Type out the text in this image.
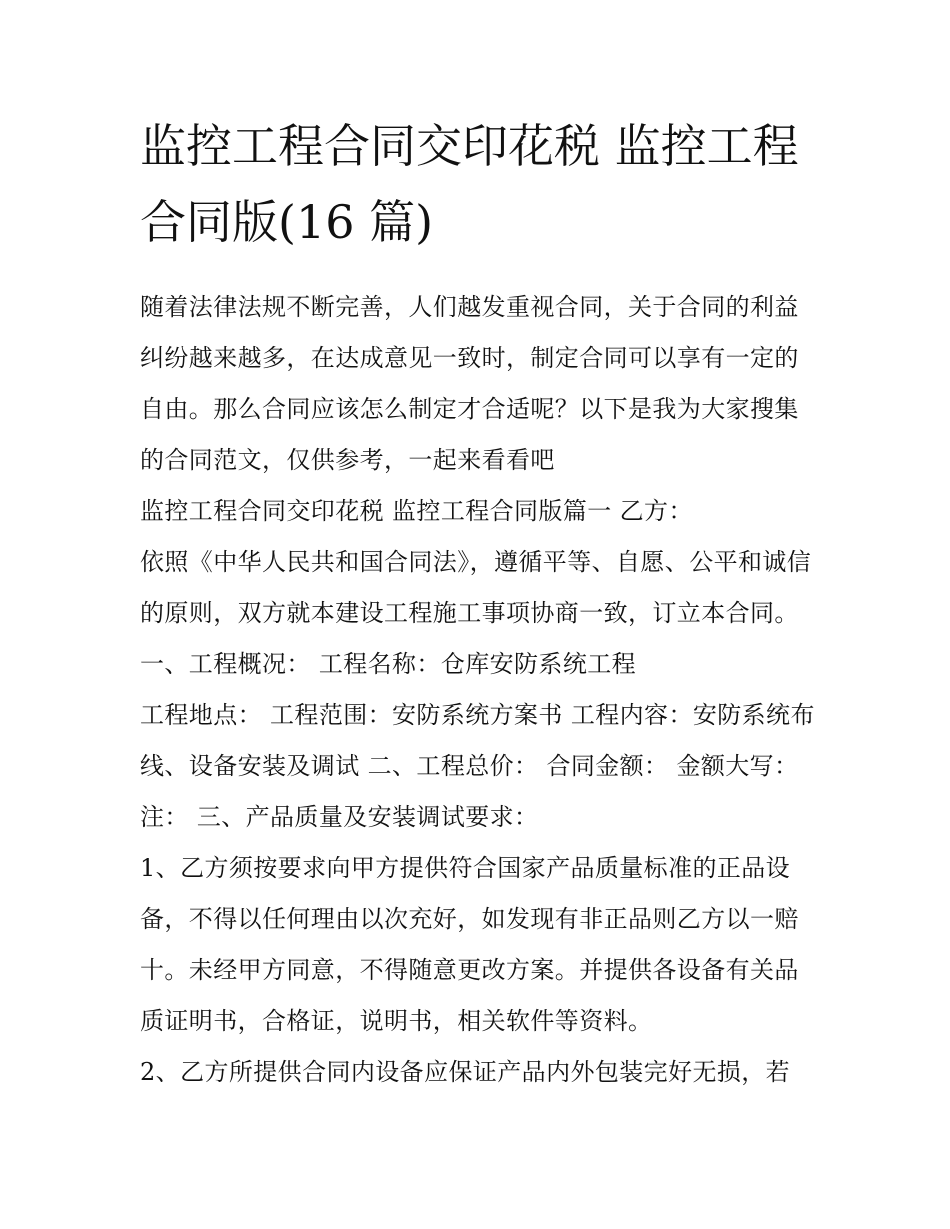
监控工程合同交印花税 监控工程合同版(16 篇)

随着法律法规不断完善，人们越发重视合同，关于合同的利益纠纷越来越多，在达成意见一致时，制定合同可以享有一定的自由。那么合同应该怎么制定才合适呢？以下是我为大家搜集的合同范文，仅供参考，一起来看看吧

监控工程合同交印花税 监控工程合同版篇一 乙方：

依照《中华人民共和国合同法》，遵循平等、自愿、公平和诚信的原则，双方就本建设工程施工事项协商一致，订立本合同。 一、工程概况： 工程名称：仓库安防系统工程

工程地点： 工程范围：安防系统方案书 工程内容：安防系统布线、设备安装及调试 二、工程总价： 合同金额： 金额大写：注： 三、产品质量及安装调试要求：

1、乙方须按要求向甲方提供符合国家产品质量标准的正品设备，不得以任何理由以次充好，如发现有非正品则乙方以一赔十。未经甲方同意，不得随意更改方案。并提供各设备有关品质证明书，合格证，说明书，相关软件等资料。

2、乙方所提供合同内设备应保证产品内外包装完好无损，若
